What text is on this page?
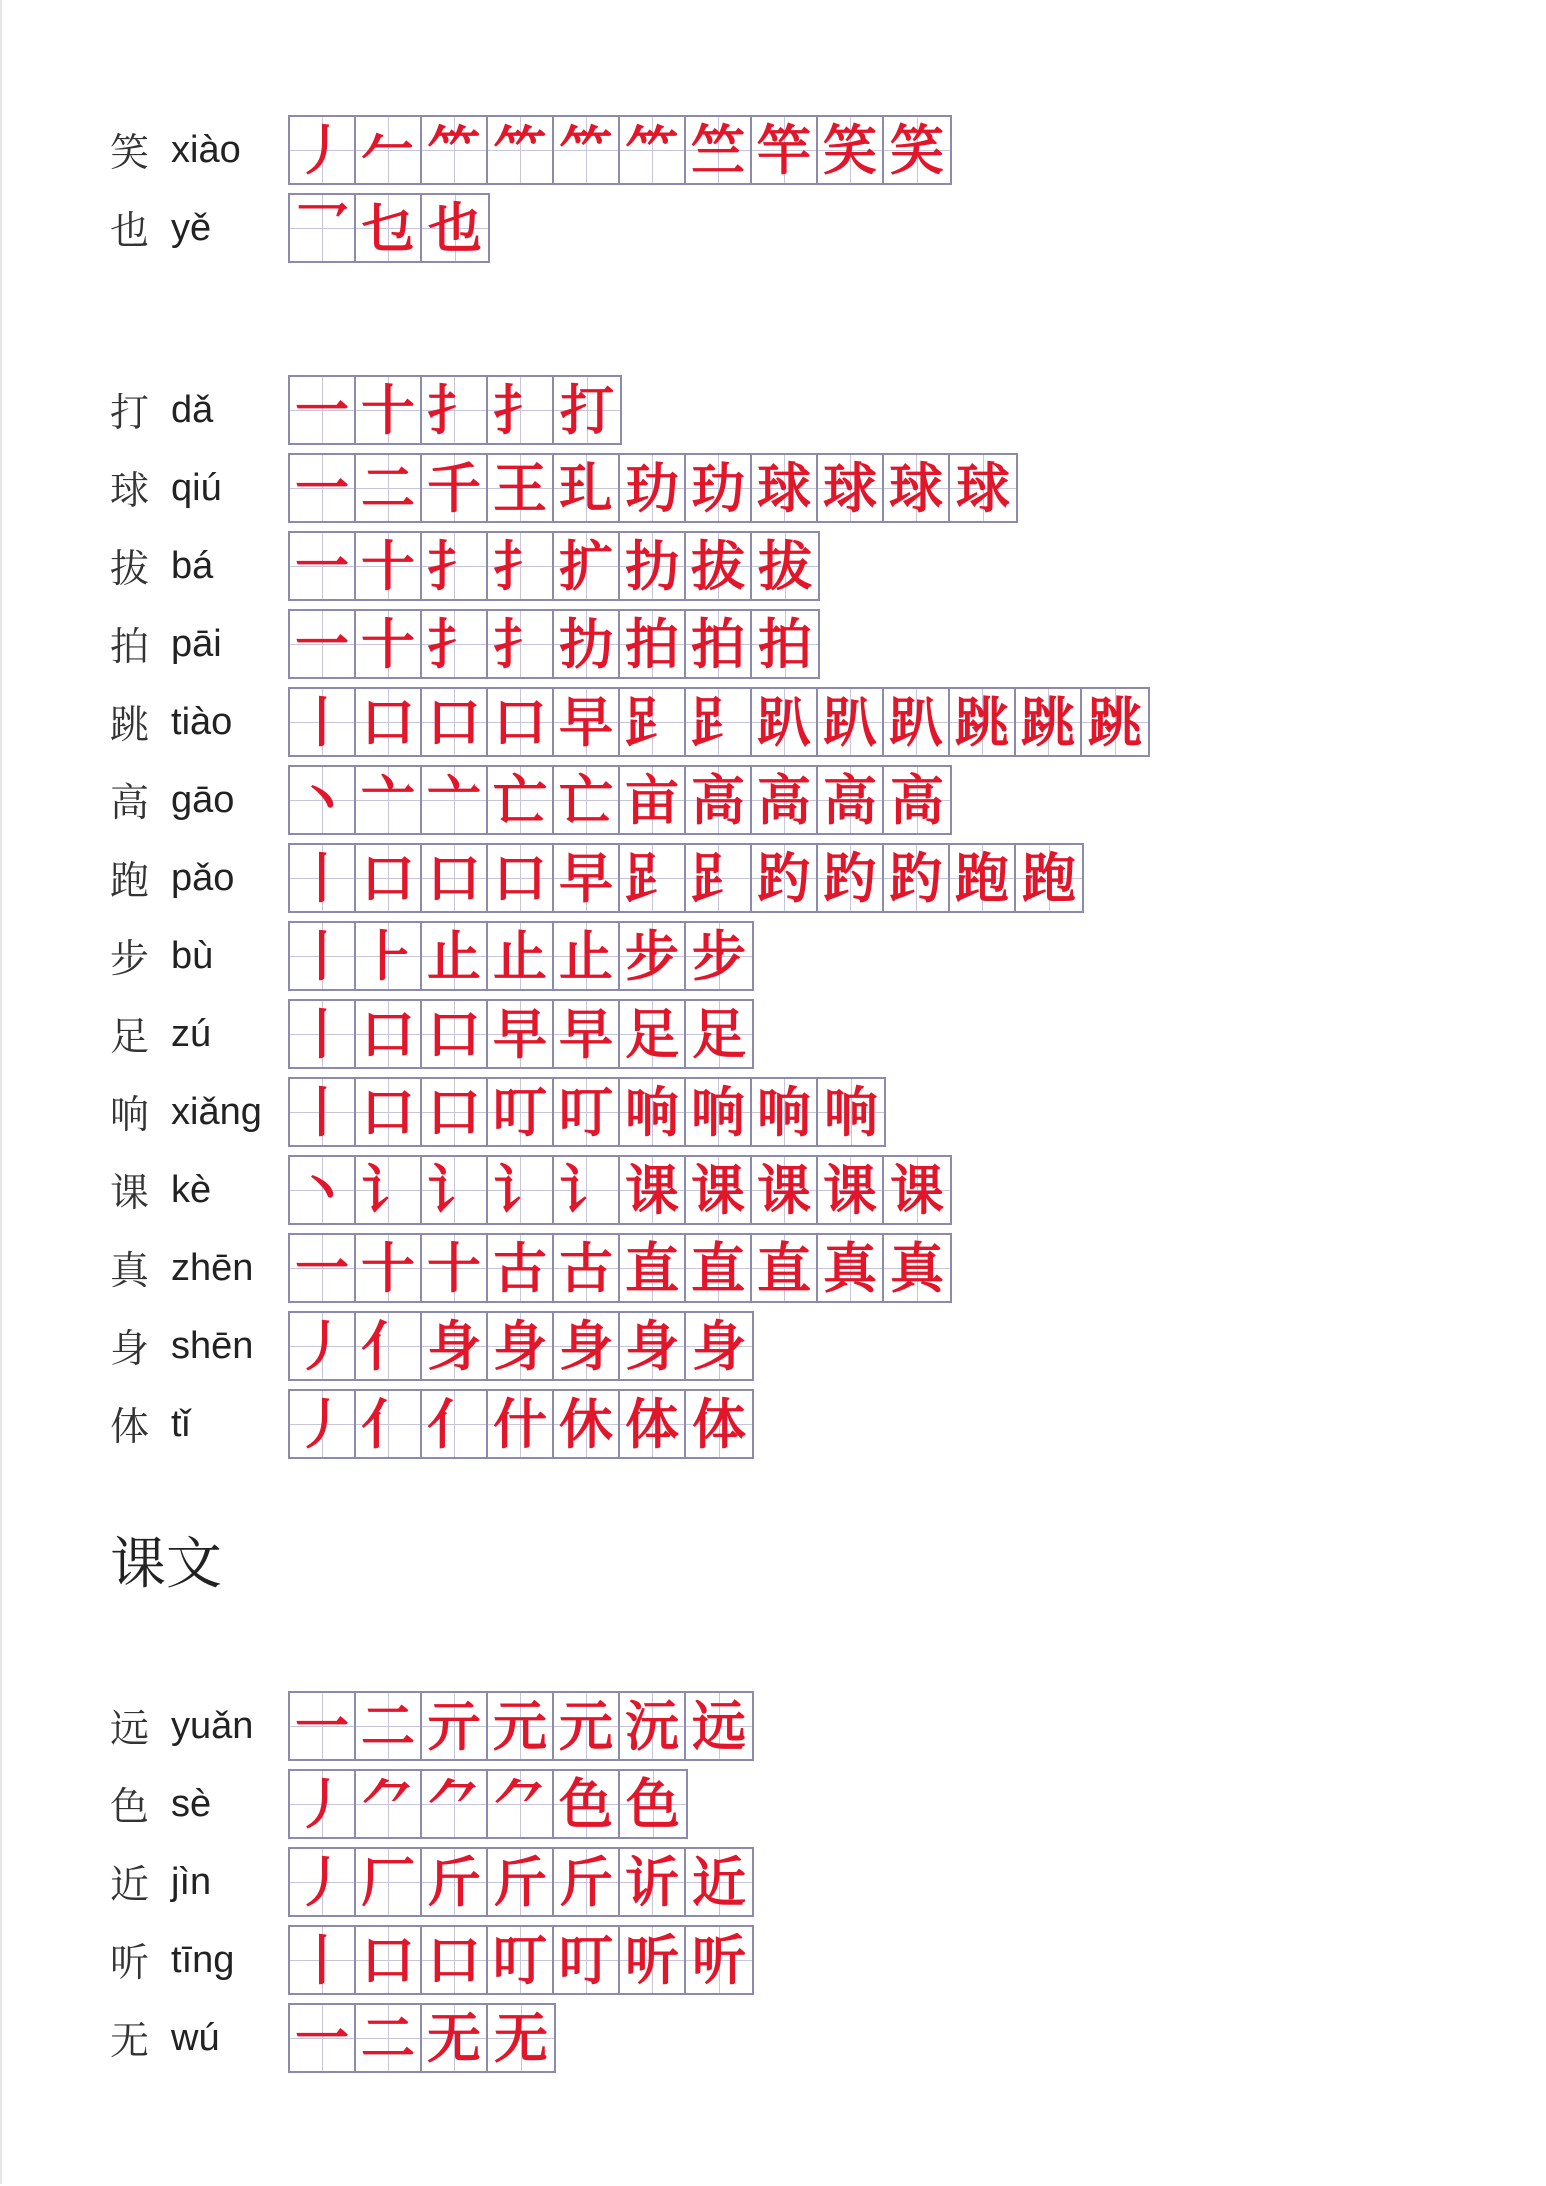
笑 xiào 丿 𠂉 ⺮ ⺮ ⺮ ⺮ 竺 竿 笑 笑
也 yě 乛 乜 也
打 dǎ 一 十 扌 扌 打
球 qiú 一 二 千 王 玌 玏 玏 球 球 球 球
拔 bá 一 十 扌 扌 扩 扐 拔 拔
拍 pāi 一 十 扌 扌 扐 拍 拍 拍
跳 tiào 丨 口 口 口 早 𧾷 𧾷 趴 趴 趴 跳 跳 跳
高 gāo 丶 亠 亠 亡 亡 亩 高 高 高 高
跑 pǎo 丨 口 口 口 早 𧾷 𧾷 趵 趵 趵 跑 跑
步 bù 丨 ⺊ 止 止 止 步 步
足 zú 丨 口 口 早 早 足 足
响 xiǎng 丨 口 口 叮 叮 响 响 响 响
课 kè 丶 讠 讠 讠 讠 课 课 课 课 课
真 zhēn 一 十 十 古 古 直 直 直 真 真
身 shēn 丿 亻 身 身 身 身 身
体 tǐ 丿 亻 亻 什 休 体 体
远 yuǎn 一 二 亓 元 元 沅 远
色 sè 丿 ⺈ ⺈ ⺈ 色 色
近 jìn 丿 厂 斤 斤 斤 䜣 近
听 tīng 丨 口 口 叮 叮 听 听
无 wú 一 二 无 无
课文
